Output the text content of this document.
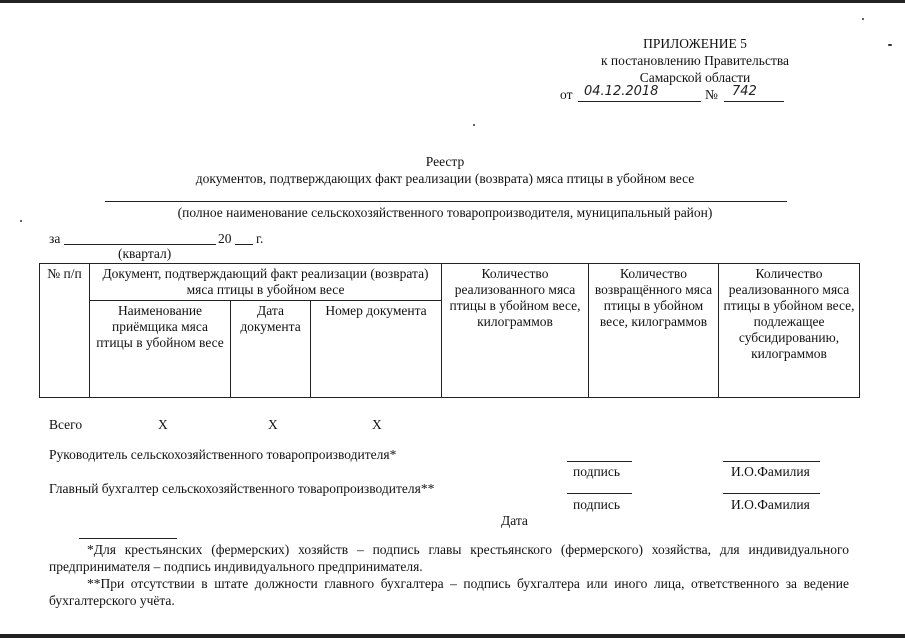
ПРИЛОЖЕНИЕ 5
к постановлению Правительства
Самарской области
от 04.12.2018	№ 742
Реестр
документов, подтверждающих факт реализации (возврата) мяса птицы в убойном весе
(полное наименование сельскохозяйственного товаропроизводителя, муниципальный район)
за	20 г.
(квартал)
№ п/п	Документ, подтверждающий факт реализации (возврата) мяса птицы в убойном весе			Количество реализованного мяса птицы в убойном весе, килограммов	Количество возвращённого мяса птицы в убойном весе, килограммов	Количество реализованного мяса птицы в убойном весе, подлежащее субсидированию, килограммов
	Наименование приёмщика мяса птицы в убойном весе	Дата документа	Номер документа			
Всего	X	X	X
Руководитель сельскохозяйственного товаропроизводителя*
подпись	И.О.Фамилия
Главный бухгалтер сельскохозяйственного товаропроизводителя**
подпись	И.О.Фамилия
Дата

*Для крестьянских (фермерских) хозяйств – подпись главы крестьянского (фермерского) хозяйства, для индивидуального предпринимателя – подпись индивидуального предпринимателя.

**При отсутствии в штате должности главного бухгалтера – подпись бухгалтера или иного лица, ответственного за ведение бухгалтерского учёта.
